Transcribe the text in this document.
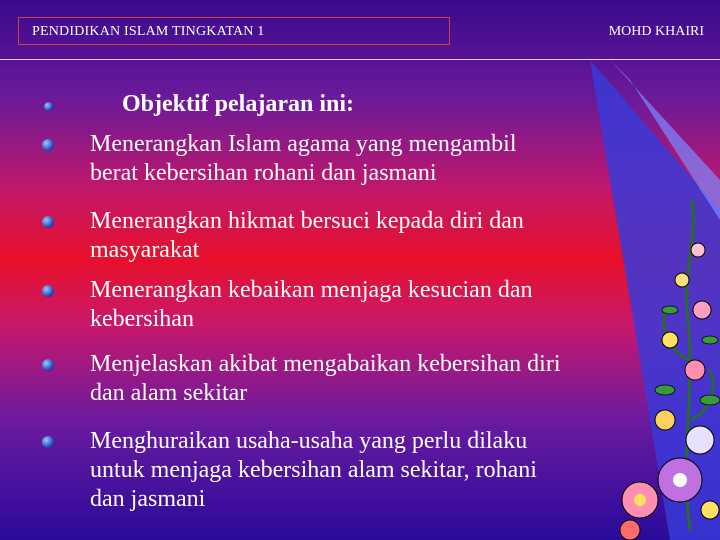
PENDIDIKAN ISLAM TINGKATAN 1	MOHD KHAIRI
Objektif pelajaran ini:
Menerangkan Islam agama yang mengambil
berat kebersihan rohani dan jasmani
Menerangkan hikmat bersuci kepada diri dan
masyarakat
Menerangkan kebaikan menjaga kesucian dan
kebersihan
Menjelaskan akibat mengabaikan kebersihan diri
dan alam sekitar
Menghuraikan usaha-usaha yang perlu dilaku
untuk menjaga kebersihan alam sekitar, rohani
dan jasmani
